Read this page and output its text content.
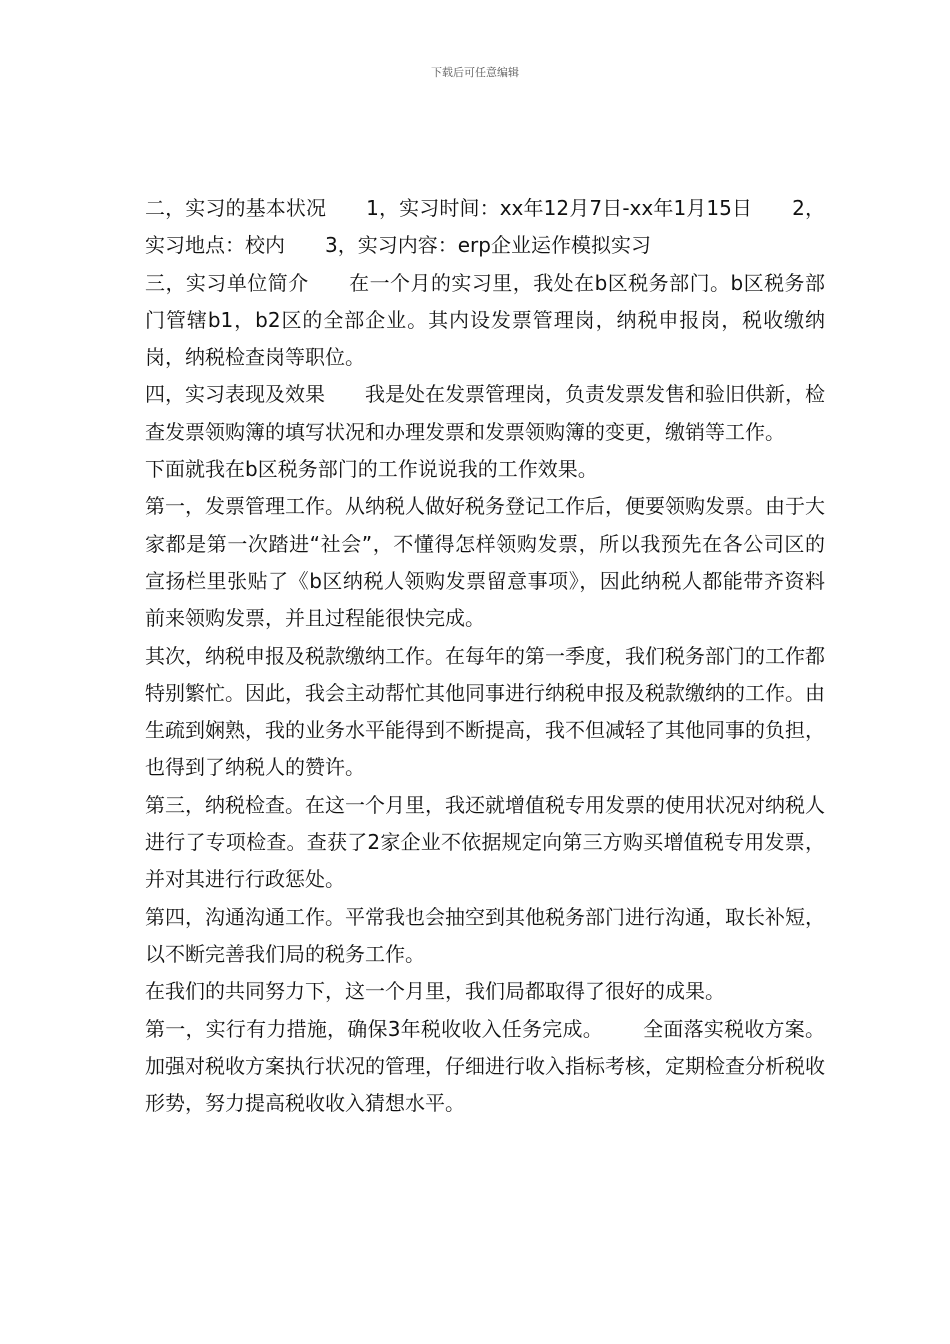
下载后可任意编辑

二，实习的基本状况 1，实习时间：xx年12月7日-xx年1月15日 2，实习地点：校内 3，实习内容：erp企业运作模拟实习

三，实习单位简介 在一个月的实习里，我处在b区税务部门。b区税务部门管辖b1，b2区的全部企业。其内设发票管理岗，纳税申报岗，税收缴纳岗，纳税检查岗等职位。

四，实习表现及效果 我是处在发票管理岗，负责发票发售和验旧供新，检查发票领购簿的填写状况和办理发票和发票领购簿的变更，缴销等工作。下面就我在b区税务部门的工作说说我的工作效果。

第一，发票管理工作。从纳税人做好税务登记工作后，便要领购发票。由于大家都是第一次踏进“社会”，不懂得怎样领购发票，所以我预先在各公司区的宣扬栏里张贴了《b区纳税人领购发票留意事项》，因此纳税人都能带齐资料前来领购发票，并且过程能很快完成。

其次，纳税申报及税款缴纳工作。在每年的第一季度，我们税务部门的工作都特别繁忙。因此，我会主动帮忙其他同事进行纳税申报及税款缴纳的工作。由生疏到娴熟，我的业务水平能得到不断提高，我不但减轻了其他同事的负担，也得到了纳税人的赞许。

第三，纳税检查。在这一个月里，我还就增值税专用发票的使用状况对纳税人进行了专项检查。查获了2家企业不依据规定向第三方购买增值税专用发票，并对其进行行政惩处。

第四，沟通沟通工作。平常我也会抽空到其他税务部门进行沟通，取长补短，以不断完善我们局的税务工作。

在我们的共同努力下，这一个月里，我们局都取得了很好的成果。

第一，实行有力措施，确保3年税收收入任务完成。 全面落实税收方案。加强对税收方案执行状况的管理，仔细进行收入指标考核，定期检查分析税收形势，努力提高税收收入猜想水平。
